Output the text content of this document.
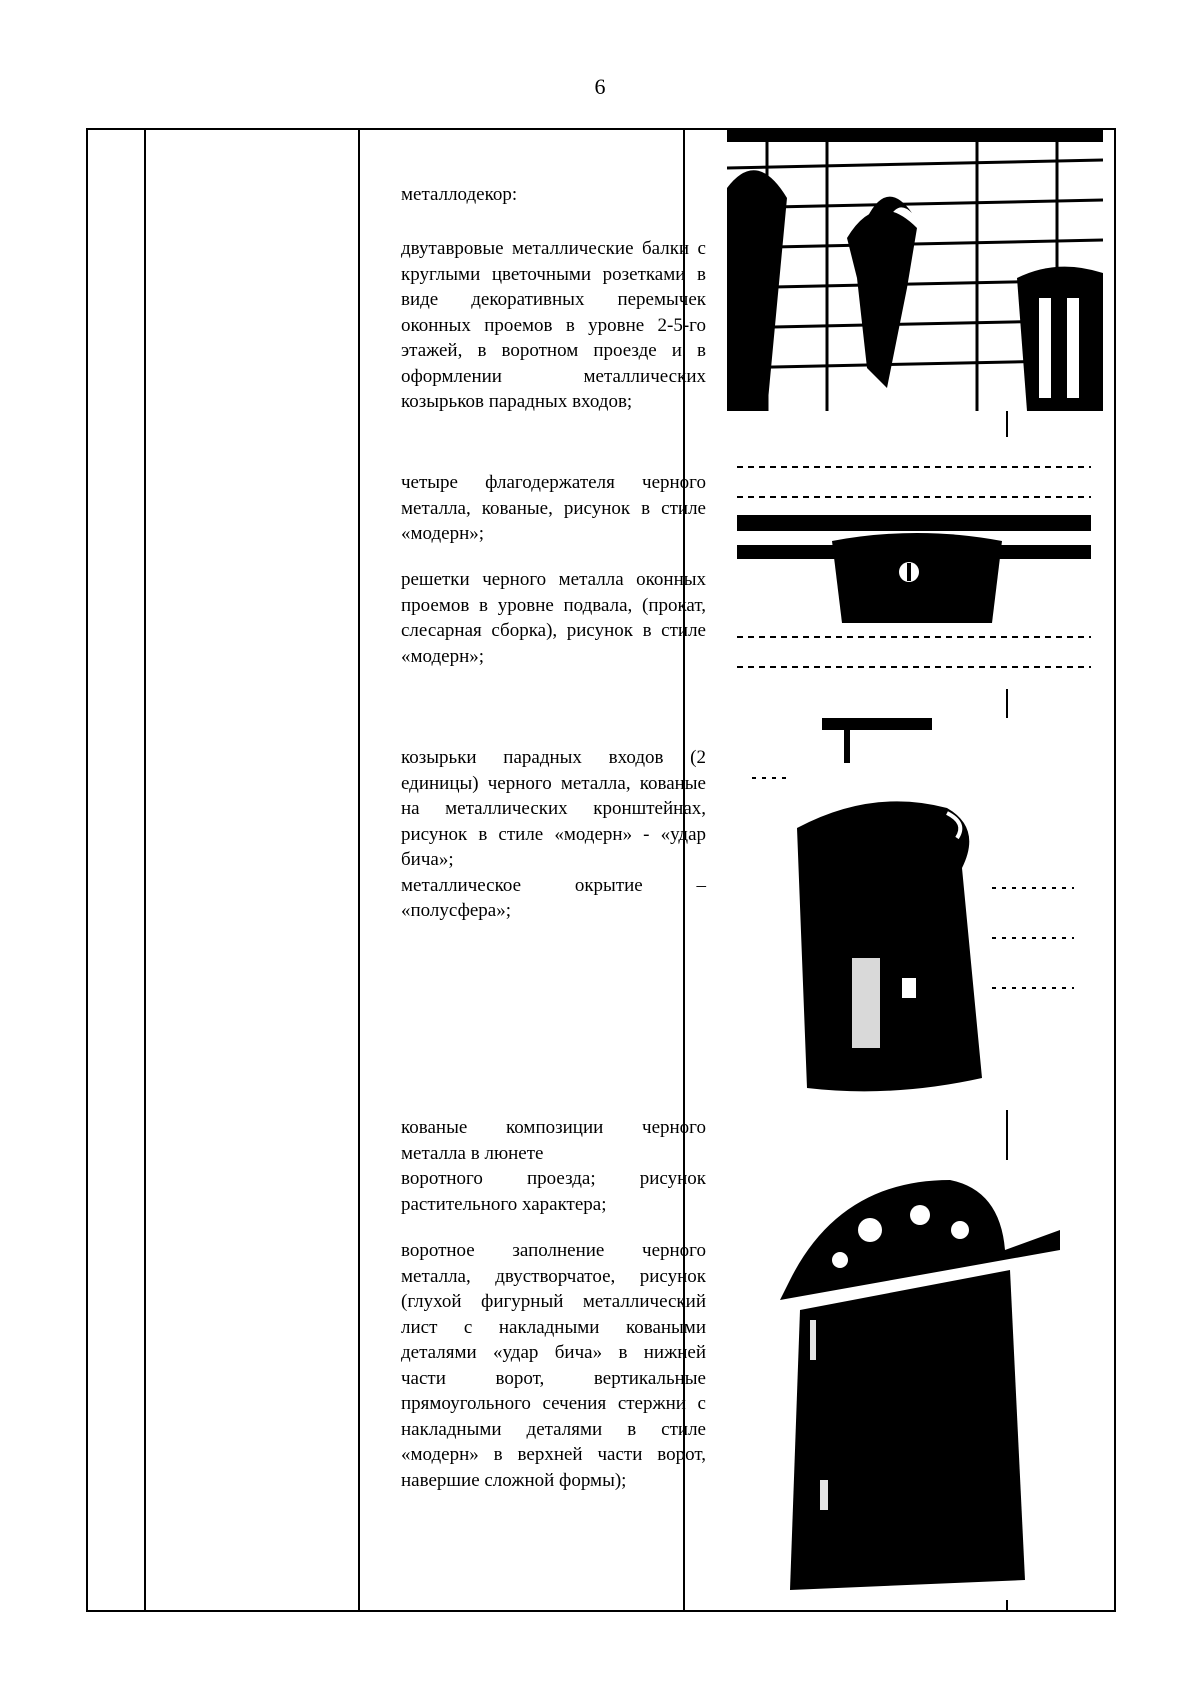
6

металлодекор:

двутавровые металлические балки с круглыми цветочными розетками в виде декоративных перемычек оконных проемов в уровне 2-5-го этажей, в воротном проезде и в оформлении металлических козырьков парадных входов;

четыре флагодержателя черного металла, кованые, рисунок в стиле «модерн»;

решетки черного металла оконных проемов в уровне подвала, (прокат, слесарная сборка), рисунок в стиле «модерн»;

козырьки парадных входов (2 единицы) черного металла, кованые на металлических кронштейнах, рисунок в стиле «модерн» - «удар бича»;

металлическое окрытие – «полусфера»;

кованые композиции черного металла в люнете

воротного проезда; рисунок растительного характера;

воротное заполнение черного металла, двустворчатое, рисунок (глухой фигурный металлический лист с накладными коваными деталями «удар бича» в нижней части ворот, вертикальные прямоугольного сечения стержни с накладными деталями в стиле «модерн» в верхней части ворот, навершие сложной формы);
